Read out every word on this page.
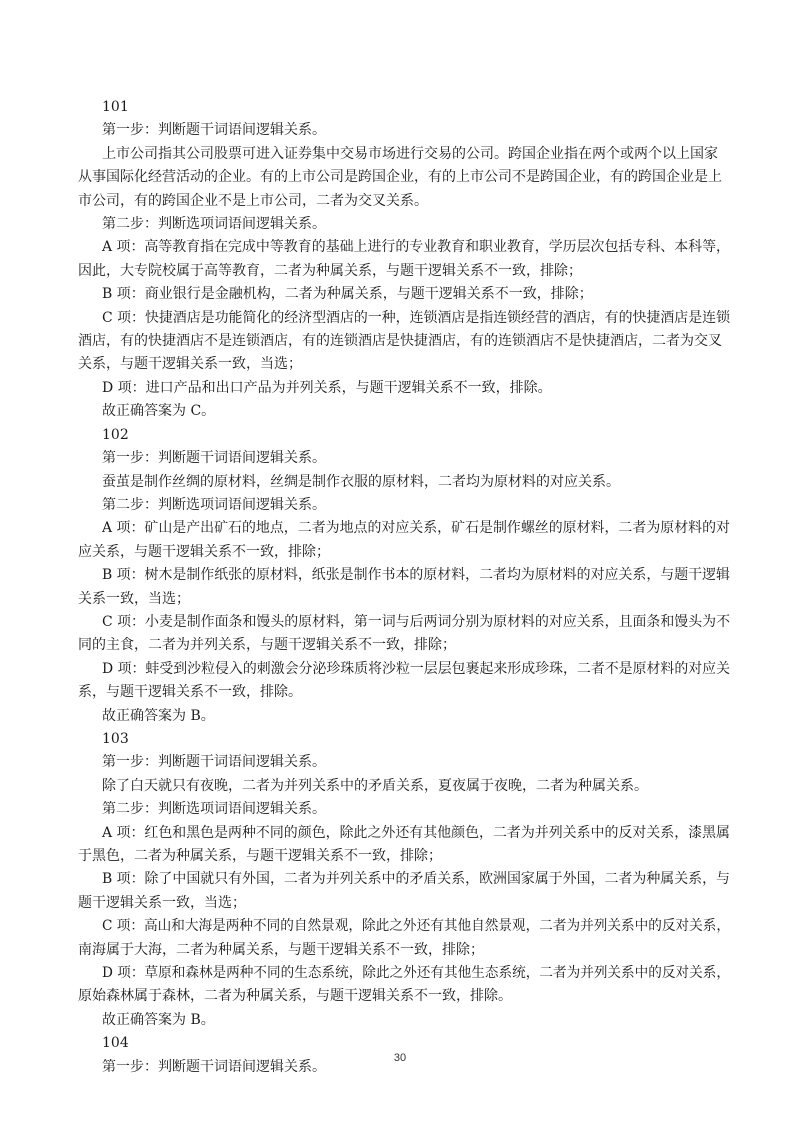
101
第一步：判断题干词语间逻辑关系。
上市公司指其公司股票可进入证券集中交易市场进行交易的公司。跨国企业指在两个或两个以上国家
从事国际化经营活动的企业。有的上市公司是跨国企业，有的上市公司不是跨国企业，有的跨国企业是上
市公司，有的跨国企业不是上市公司，二者为交叉关系。
第二步：判断选项词语间逻辑关系。
A 项：高等教育指在完成中等教育的基础上进行的专业教育和职业教育，学历层次包括专科、本科等，
因此，大专院校属于高等教育，二者为种属关系，与题干逻辑关系不一致，排除；
B 项：商业银行是金融机构，二者为种属关系，与题干逻辑关系不一致，排除；
C 项：快捷酒店是功能简化的经济型酒店的一种，连锁酒店是指连锁经营的酒店，有的快捷酒店是连锁
酒店，有的快捷酒店不是连锁酒店，有的连锁酒店是快捷酒店，有的连锁酒店不是快捷酒店，二者为交叉
关系，与题干逻辑关系一致，当选；
D 项：进口产品和出口产品为并列关系，与题干逻辑关系不一致，排除。
故正确答案为 C。
102
第一步：判断题干词语间逻辑关系。
蚕茧是制作丝绸的原材料，丝绸是制作衣服的原材料，二者均为原材料的对应关系。
第二步：判断选项词语间逻辑关系。
A 项：矿山是产出矿石的地点，二者为地点的对应关系，矿石是制作螺丝的原材料，二者为原材料的对
应关系，与题干逻辑关系不一致，排除；
B 项：树木是制作纸张的原材料，纸张是制作书本的原材料，二者均为原材料的对应关系，与题干逻辑
关系一致，当选；
C 项：小麦是制作面条和馒头的原材料，第一词与后两词分别为原材料的对应关系，且面条和馒头为不
同的主食，二者为并列关系，与题干逻辑关系不一致，排除；
D 项：蚌受到沙粒侵入的刺激会分泌珍珠质将沙粒一层层包裹起来形成珍珠，二者不是原材料的对应关
系，与题干逻辑关系不一致，排除。
故正确答案为 B。
103
第一步：判断题干词语间逻辑关系。
除了白天就只有夜晚，二者为并列关系中的矛盾关系，夏夜属于夜晚，二者为种属关系。
第二步：判断选项词语间逻辑关系。
A 项：红色和黑色是两种不同的颜色，除此之外还有其他颜色，二者为并列关系中的反对关系，漆黑属
于黑色，二者为种属关系，与题干逻辑关系不一致，排除；
B 项：除了中国就只有外国，二者为并列关系中的矛盾关系，欧洲国家属于外国，二者为种属关系，与
题干逻辑关系一致，当选；
C 项：高山和大海是两种不同的自然景观，除此之外还有其他自然景观，二者为并列关系中的反对关系，
南海属于大海，二者为种属关系，与题干逻辑关系不一致，排除；
D 项：草原和森林是两种不同的生态系统，除此之外还有其他生态系统，二者为并列关系中的反对关系，
原始森林属于森林，二者为种属关系，与题干逻辑关系不一致，排除。
故正确答案为 B。
104
第一步：判断题干词语间逻辑关系。
30
